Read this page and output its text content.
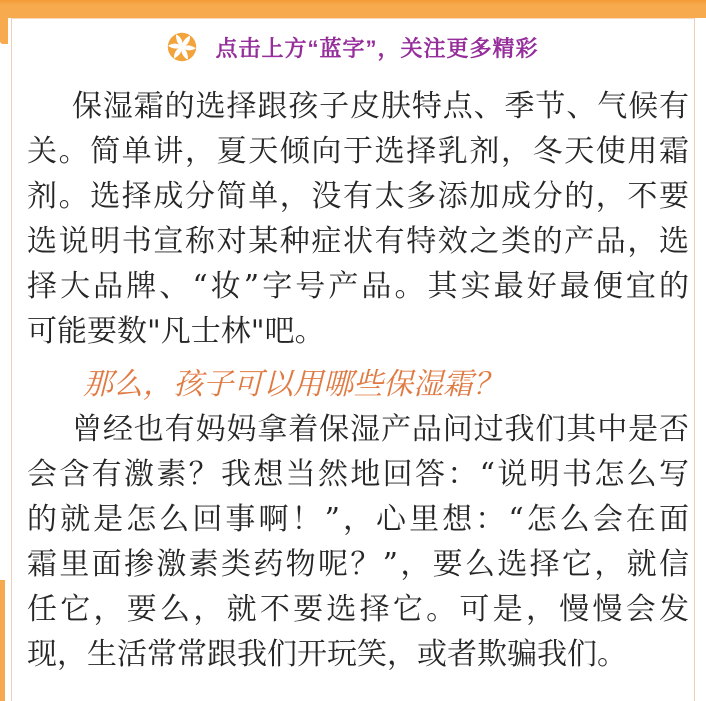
点击上方“蓝字”，关注更多精彩
保湿霜的选择跟孩子皮肤特点、季节、气候有
关。简单讲，夏天倾向于选择乳剂，冬天使用霜
剂。选择成分简单，没有太多添加成分的，不要
选说明书宣称对某种症状有特效之类的产品，选
择大品牌、“妆”字号产品。其实最好最便宜的
可能要数"凡士林"吧。
那么，孩子可以用哪些保湿霜？
曾经也有妈妈拿着保湿产品问过我们其中是否
会含有激素？我想当然地回答：“说明书怎么写
的就是怎么回事啊！”，心里想：“怎么会在面
霜里面掺激素类药物呢？”，要么选择它，就信
任它，要么，就不要选择它。可是，慢慢会发
现，生活常常跟我们开玩笑，或者欺骗我们。
